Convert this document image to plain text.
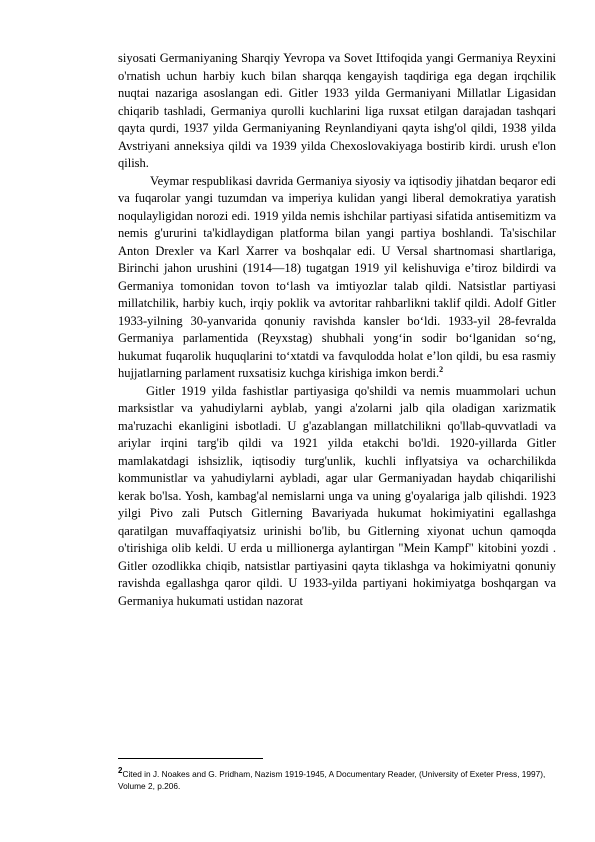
siyosati Germaniyaning Sharqiy Yevropa va Sovet Ittifoqida yangi Germaniya Reyxini o'rnatish uchun harbiy kuch bilan sharqqa kengayish taqdiriga ega degan irqchilik nuqtai nazariga asoslangan edi. Gitler 1933 yilda Germaniyani Millatlar Ligasidan chiqarib tashladi, Germaniya qurolli kuchlarini liga ruxsat etilgan darajadan tashqari qayta qurdi, 1937 yilda Germaniyaning Reynlandiyani qayta ishg'ol qildi, 1938 yilda Avstriyani anneksiya qildi va 1939 yilda Chexoslovakiyaga bostirib kirdi. urush e'lon qilish.

Veymar respublikasi davrida Germaniya siyosiy va iqtisodiy jihatdan beqaror edi va fuqarolar yangi tuzumdan va imperiya kulidan yangi liberal demokratiya yaratish noqulayligidan norozi edi. 1919 yilda nemis ishchilar partiyasi sifatida antisemitizm va nemis g'ururini ta'kidlaydigan platforma bilan yangi partiya boshlandi. Ta'sischilar Anton Drexler va Karl Xarrer va boshqalar edi. U Versal shartnomasi shartlariga, Birinchi jahon urushini (1914—18) tugatgan 1919 yil kelishuviga e’tiroz bildirdi va Germaniya tomonidan tovon to‘lash va imtiyozlar talab qildi. Natsistlar partiyasi millatchilik, harbiy kuch, irqiy poklik va avtoritar rahbarlikni taklif qildi. Adolf Gitler 1933-yilning 30-yanvarida qonuniy ravishda kansler bo‘ldi. 1933-yil 28-fevralda Germaniya parlamentida (Reyxstag) shubhali yong‘in sodir bo‘lganidan so‘ng, hukumat fuqarolik huquqlarini to‘xtatdi va favqulodda holat e’lon qildi, bu esa rasmiy hujjatlarning parlament ruxsatisiz kuchga kirishiga imkon berdi.$^2$

Gitler 1919 yilda fashistlar partiyasiga qo'shildi va nemis muammolari uchun marksistlar va yahudiylarni ayblab, yangi a'zolarni jalb qila oladigan xarizmatik ma'ruzachi ekanligini isbotladi. U g'azablangan millatchilikni qo'llab-quvvatladi va ariylar irqini targ'ib qildi va 1921 yilda etakchi bo'ldi. 1920-yillarda Gitler mamlakatdagi ishsizlik, iqtisodiy turg'unlik, kuchli inflyatsiya va ocharchilikda kommunistlar va yahudiylarni aybladi, agar ular Germaniyadan haydab chiqarilishi kerak bo'lsa. Yosh, kambag'al nemislarni unga va uning g'oyalariga jalb qilishdi. 1923 yilgi Pivo zali Putsch Gitlerning Bavariyada hukumat hokimiyatini egallashga qaratilgan muvaffaqiyatsiz urinishi bo'lib, bu Gitlerning xiyonat uchun qamoqda o'tirishiga olib keldi. U erda u millionerga aylantirgan "Mein Kampf" kitobini yozdi . Gitler ozodlikka chiqib, natsistlar partiyasini qayta tiklashga va hokimiyatni qonuniy ravishda egallashga qaror qildi. U 1933-yilda partiyani hokimiyatga boshqargan va Germaniya hukumati ustidan nazorat

$^2$Cited in J. Noakes and G. Pridham, Nazism 1919-1945, A Documentary Reader, (University of Exeter Press, 1997), Volume 2, p.206.
